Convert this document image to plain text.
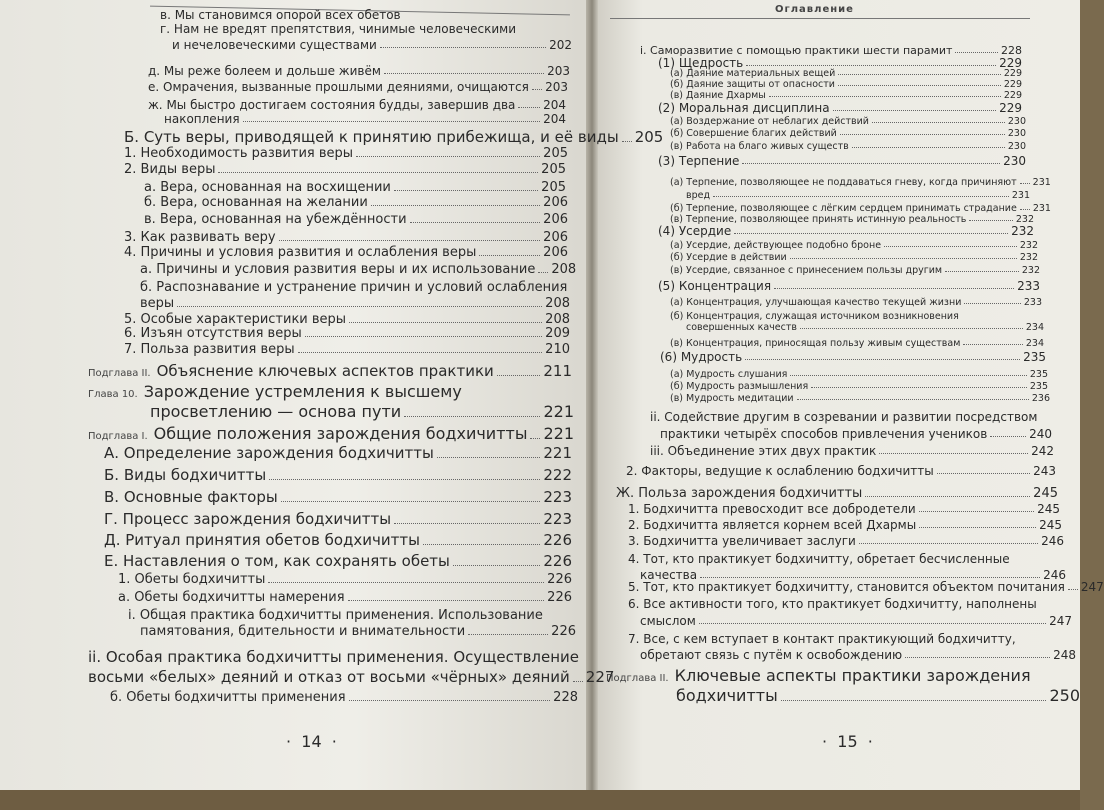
Оглавление
в. Мы становимся опорой всех обетов
г. Нам не вредят препятствия, чинимые человеческими
и нечеловеческими существами	202
д. Мы реже болеем и дольше живём	203
е. Омрачения, вызванные прошлыми деяниями, очищаются 203
ж. Мы быстро достигаем состояния будды, завершив два 204
накопления	204
Б. Суть веры, приводящей к принятию прибежища, и её виды 205
1. Необходимость развития веры	205
2. Виды веры	205
а. Вера, основанная на восхищении	205
б. Вера, основанная на желании	206
в. Вера, основанная на убеждённости	206
3. Как развивать веру	206
4. Причины и условия развития и ослабления веры	206
а. Причины и условия развития веры и их использование 208
б. Распознавание и устранение причин и условий ослабления
веры	208
5. Особые характеристики веры	208
6. Изъян отсутствия веры	209
7. Польза развития веры	210
Подглава II. Объяснение ключевых аспектов практики	211
Глава 10. Зарождение устремления к высшему
просветлению — основа пути	221
Подглава I. Общие положения зарождения бодхичитты 221
А. Определение зарождения бодхичитты	221
Б. Виды бодхичитты	222
В. Основные факторы	223
Г. Процесс зарождения бодхичитты	223
Д. Ритуал принятия обетов бодхичитты	226
Е. Наставления о том, как сохранять обеты	226
1. Обеты бодхичитты	226
а. Обеты бодхичитты намерения	226
i. Общая практика бодхичитты применения. Использование
памятования, бдительности и внимательности	226
ii. Особая практика бодхичитты применения. Осуществление
восьми «белых» деяний и отказ от восьми «чёрных» деяний 227
б. Обеты бодхичитты применения	228
i. Саморазвитие с помощью практики шести парамит	228
(1) Щедрость	229
(а) Даяние материальных вещей	229
(б) Даяние защиты от опасности	229
(в) Даяние Дхармы	229
(2) Моральная дисциплина	229
(а) Воздержание от неблагих действий	230
(б) Совершение благих действий	230
(в) Работа на благо живых существ	230
(3) Терпение	230
(а) Терпение, позволяющее не поддаваться гневу, когда причиняют 231
вред	231
(б) Терпение, позволяющее с лёгким сердцем принимать страдание 231
(в) Терпение, позволяющее принять истинную реальность	232
(4) Усердие	232
(а) Усердие, действующее подобно броне	232
(б) Усердие в действии	232
(в) Усердие, связанное с принесением пользы другим	232
(5) Концентрация	233
(а) Концентрация, улучшающая качество текущей жизни	233
(б) Концентрация, служащая источником возникновения
совершенных качеств	234
(в) Концентрация, приносящая пользу живым существам	234
(6) Мудрость	235
(а) Мудрость слушания	235
(б) Мудрость размышления	235
(в) Мудрость медитации	236
ii. Содействие другим в созревании и развитии посредством
практики четырёх способов привлечения учеников	240
iii. Объединение этих двух практик	242
2. Факторы, ведущие к ослаблению бодхичитты	243
Ж. Польза зарождения бодхичитты	245
1. Бодхичитта превосходит все добродетели	245
2. Бодхичитта является корнем всей Дхармы	245
3. Бодхичитта увеличивает заслуги	246
4. Тот, кто практикует бодхичитту, обретает бесчисленные
качества	246
5. Тот, кто практикует бодхичитту, становится объектом почитания 247
6. Все активности того, кто практикует бодхичитту, наполнены
смыслом	247
7. Все, с кем вступает в контакт практикующий бодхичитту,
обретают связь с путём к освобождению	248
Подглава II. Ключевые аспекты практики зарождения
бодхичитты	250
·  14  ·	·  15  ·
